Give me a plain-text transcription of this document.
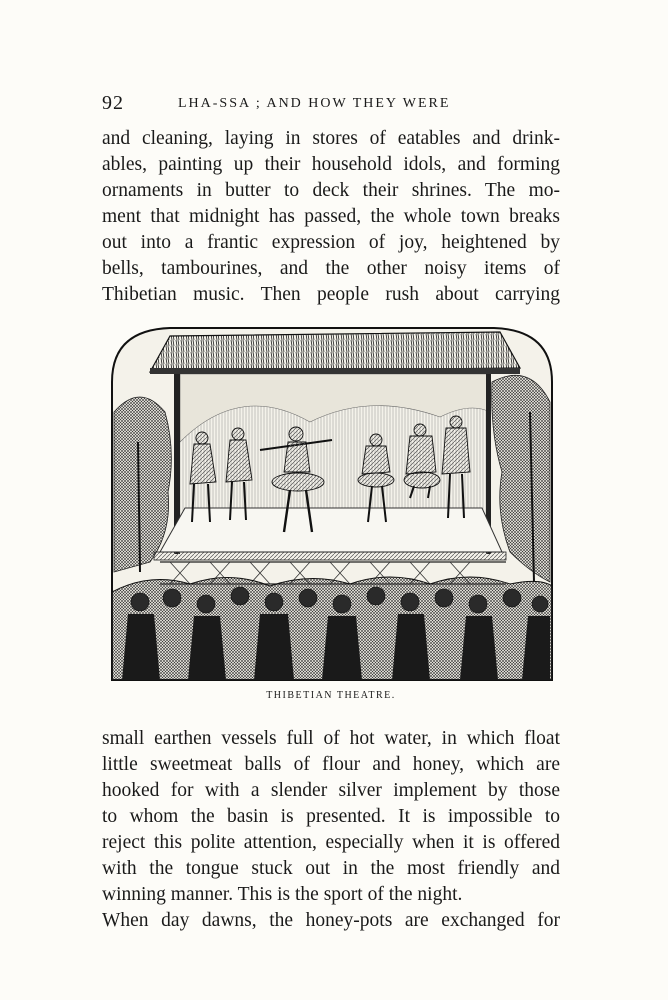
92	LHA-SSA ; AND HOW THEY WERE
and cleaning, laying in stores of eatables and drink-
ables, painting up their household idols, and forming
ornaments in butter to deck their shrines. The mo-
ment that midnight has passed, the whole town breaks
out into a frantic expression of joy, heightened by
bells, tambourines, and the other noisy items of
Thibetian music. Then people rush about carrying
THIBETIAN THEATRE.
small earthen vessels full of hot water, in which float
little sweetmeat balls of flour and honey, which are
hooked for with a slender silver implement by those
to whom the basin is presented. It is impossible to
reject this polite attention, especially when it is offered
with the tongue stuck out in the most friendly and
winning manner. This is the sport of the night.
When day dawns, the honey-pots are exchanged for
